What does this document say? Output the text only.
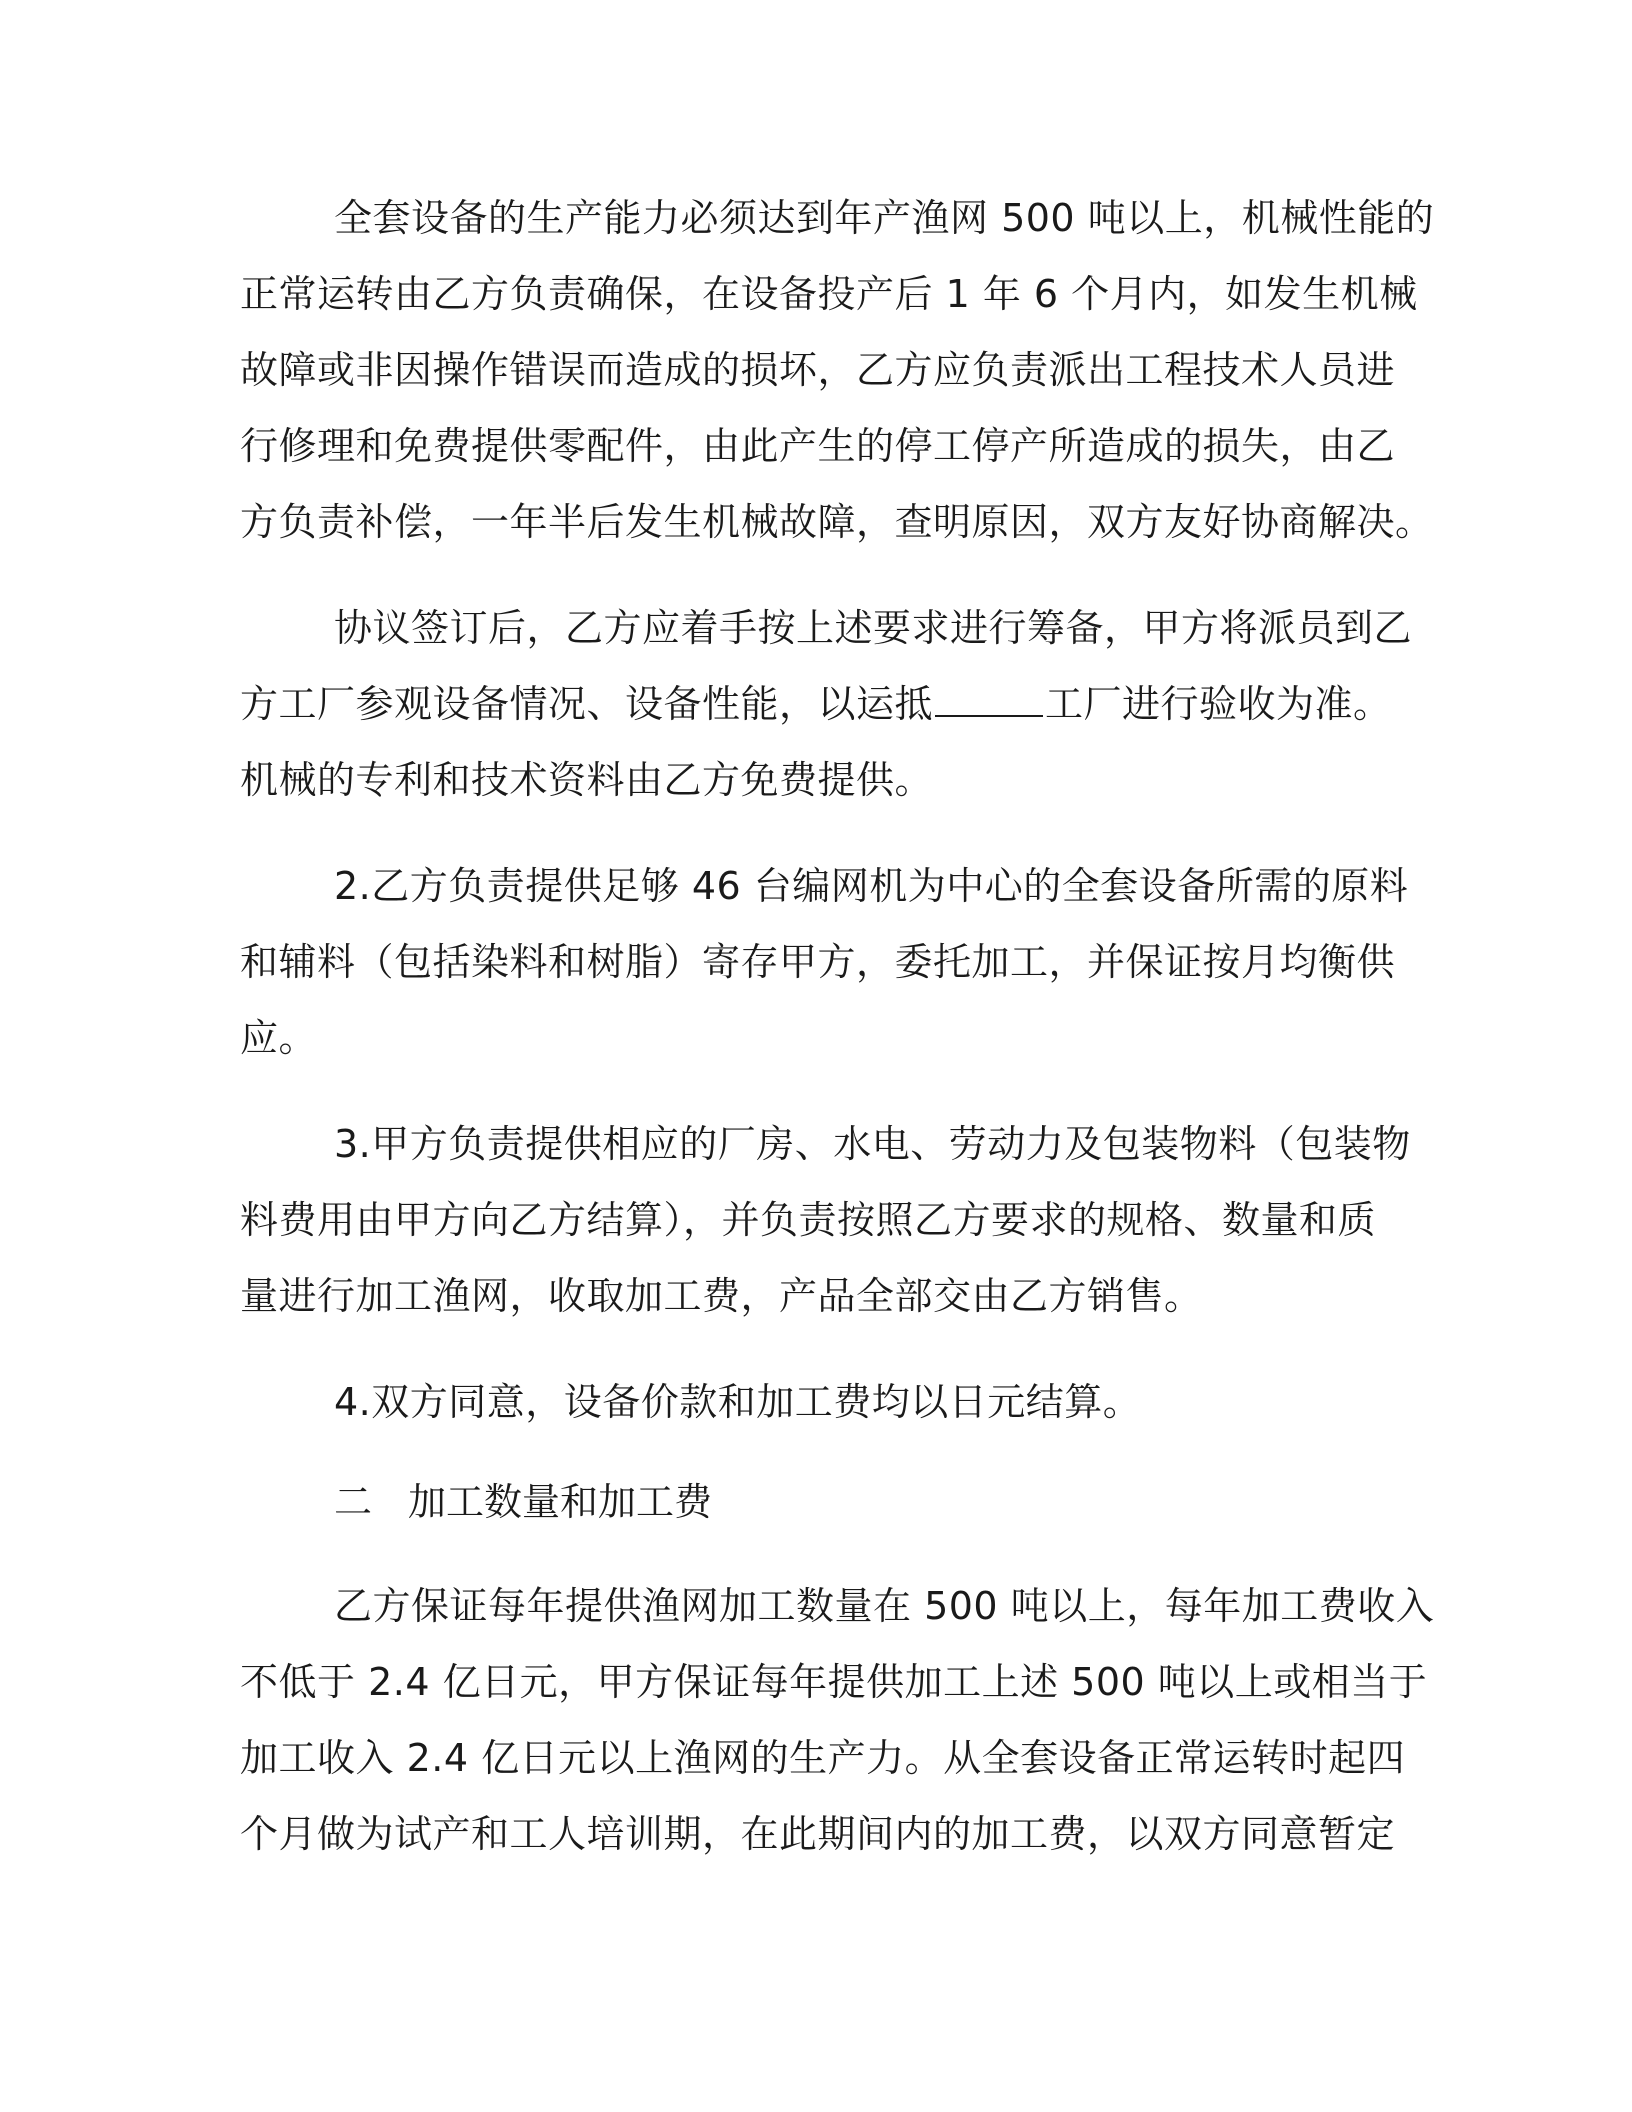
全套设备的生产能力必须达到年产渔网 500 吨以上，机械性能的
正常运转由乙方负责确保，在设备投产后 1 年 6 个月内，如发生机械
故障或非因操作错误而造成的损坏，乙方应负责派出工程技术人员进
行修理和免费提供零配件，由此产生的停工停产所造成的损失，由乙
方负责补偿，一年半后发生机械故障，查明原因，双方友好协商解决。
协议签订后，乙方应着手按上述要求进行筹备，甲方将派员到乙
方工厂参观设备情况、设备性能，以运抵	工厂进行验收为准。
机械的专利和技术资料由乙方免费提供。
2.乙方负责提供足够 46 台编网机为中心的全套设备所需的原料
和辅料（包括染料和树脂）寄存甲方，委托加工，并保证按月均衡供
应。
3.甲方负责提供相应的厂房、水电、劳动力及包装物料（包装物
料费用由甲方向乙方结算），并负责按照乙方要求的规格、数量和质
量进行加工渔网，收取加工费，产品全部交由乙方销售。
4.双方同意，设备价款和加工费均以日元结算。
二 加工数量和加工费
乙方保证每年提供渔网加工数量在 500 吨以上，每年加工费收入
不低于 2.4 亿日元，甲方保证每年提供加工上述 500 吨以上或相当于
加工收入 2.4 亿日元以上渔网的生产力。从全套设备正常运转时起四
个月做为试产和工人培训期，在此期间内的加工费，以双方同意暂定
